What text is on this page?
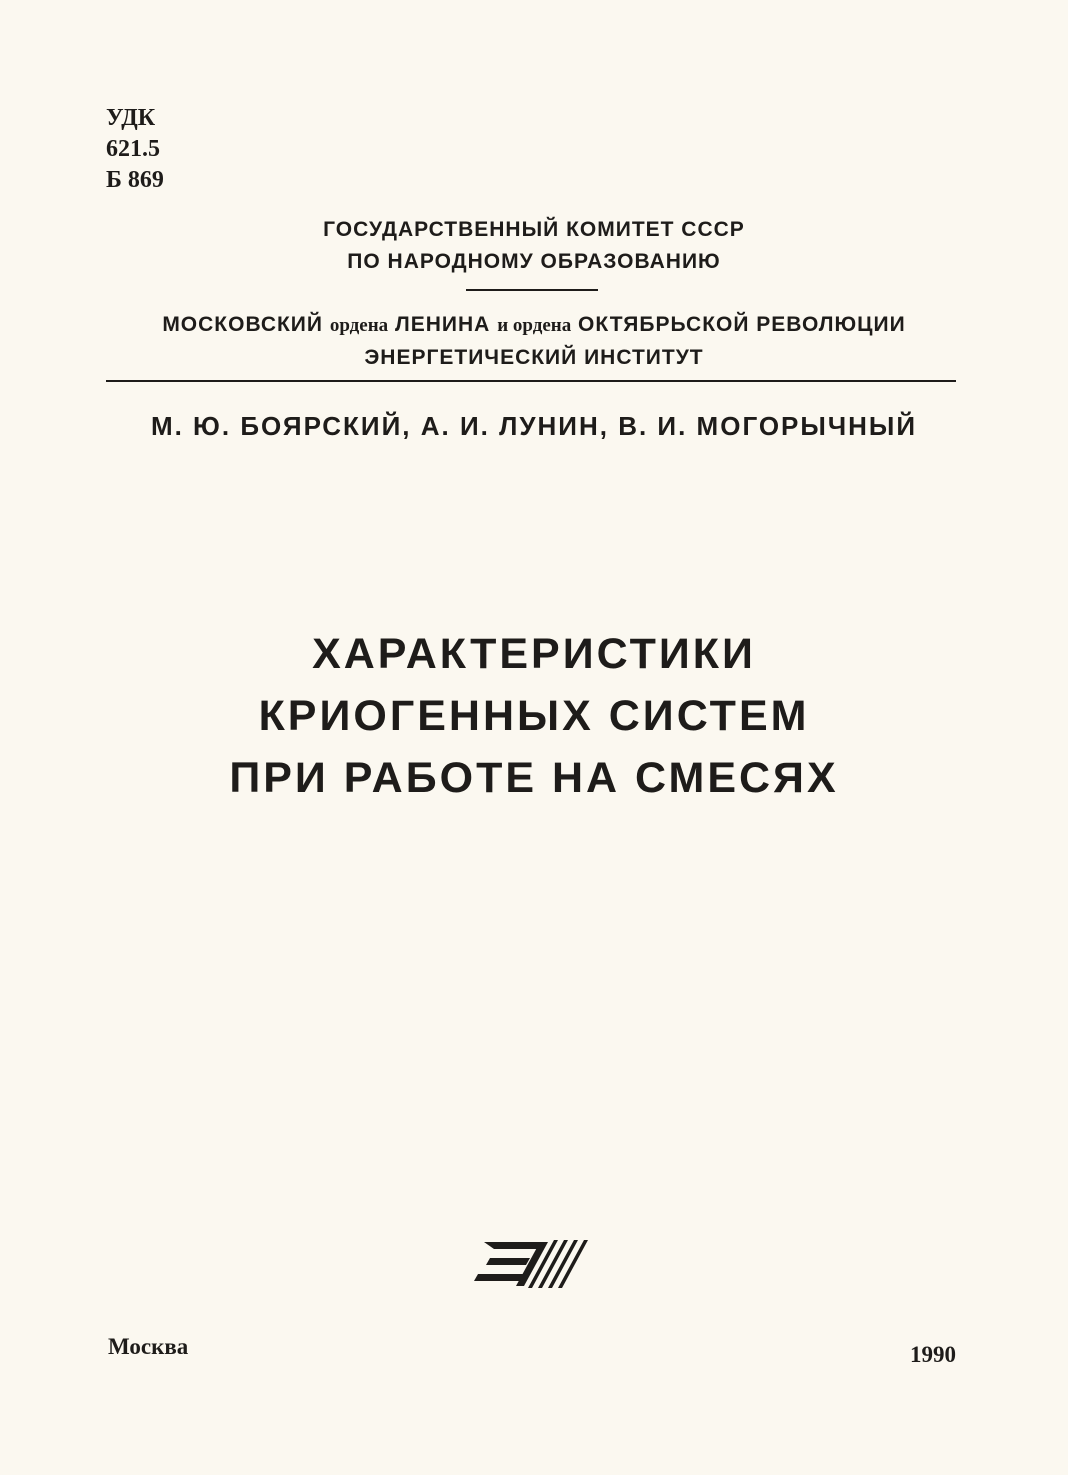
УДК
621.5
Б 869
ГОСУДАРСТВЕННЫЙ КОМИТЕТ СССР
ПО НАРОДНОМУ ОБРАЗОВАНИЮ
МОСКОВСКИЙ ордена ЛЕНИНА и ордена ОКТЯБРЬСКОЙ РЕВОЛЮЦИИ
ЭНЕРГЕТИЧЕСКИЙ ИНСТИТУТ
М. Ю. БОЯРСКИЙ, А. И. ЛУНИН, В. И. МОГОРЫЧНЫЙ
ХАРАКТЕРИСТИКИ
КРИОГЕННЫХ СИСТЕМ
ПРИ РАБОТЕ НА СМЕСЯХ
Москва	1990
